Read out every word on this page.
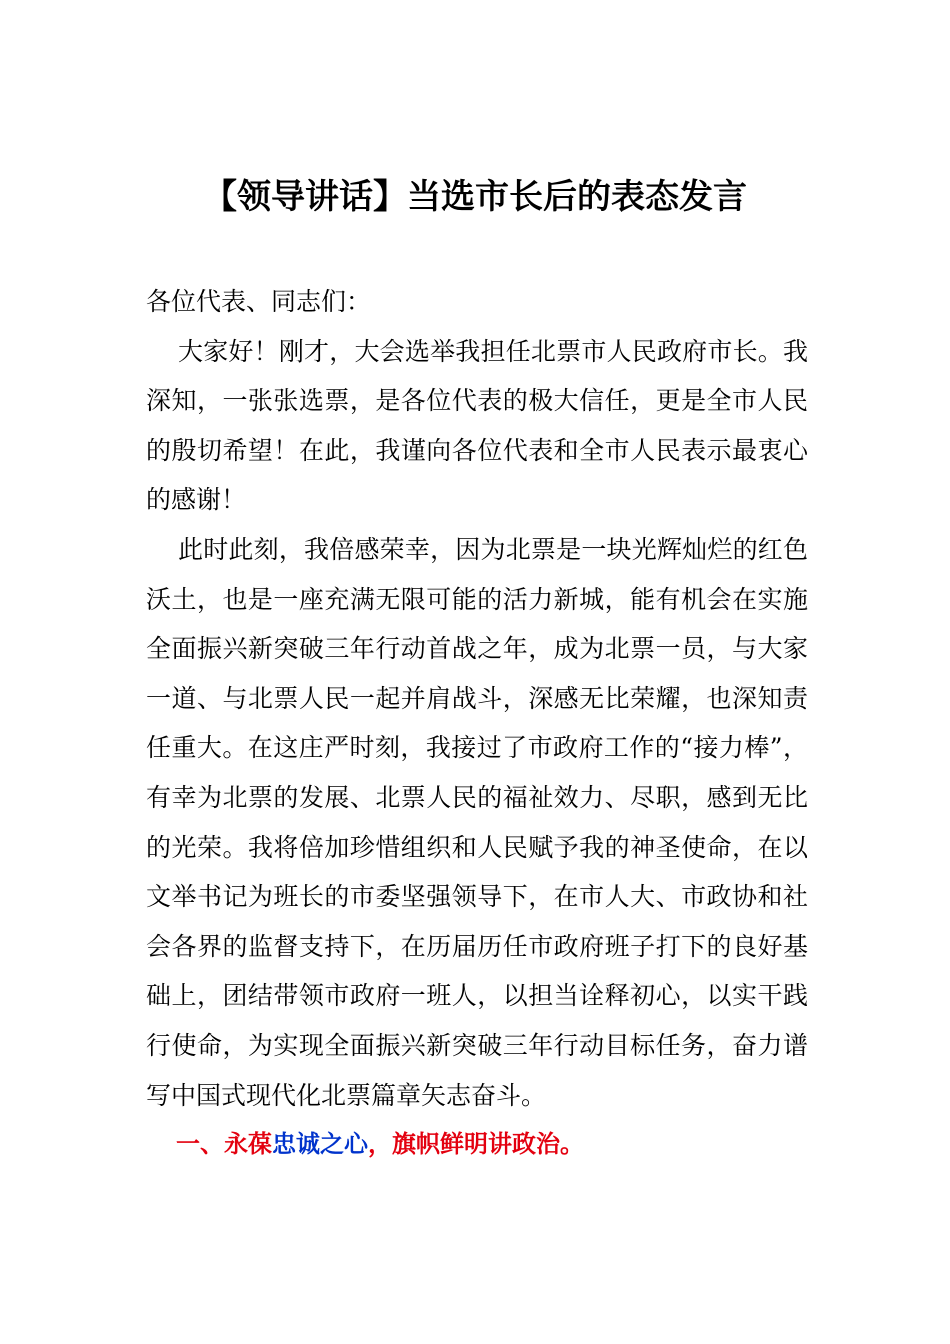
【领导讲话】当选市长后的表态发言

各位代表、同志们：

大家好！刚才，大会选举我担任北票市人民政府市长。我深知，一张张选票，是各位代表的极大信任，更是全市人民的殷切希望！在此，我谨向各位代表和全市人民表示最衷心的感谢！

此时此刻，我倍感荣幸，因为北票是一块光辉灿烂的红色沃土，也是一座充满无限可能的活力新城，能有机会在实施全面振兴新突破三年行动首战之年，成为北票一员，与大家一道、与北票人民一起并肩战斗，深感无比荣耀，也深知责任重大。在这庄严时刻，我接过了市政府工作的“接力棒”，有幸为北票的发展、北票人民的福祉效力、尽职，感到无比的光荣。我将倍加珍惜组织和人民赋予我的神圣使命，在以文举书记为班长的市委坚强领导下，在市人大、市政协和社会各界的监督支持下，在历届历任市政府班子打下的良好基础上，团结带领市政府一班人，以担当诠释初心，以实干践行使命，为实现全面振兴新突破三年行动目标任务，奋力谱写中国式现代化北票篇章矢志奋斗。

一、永葆忠诚之心，旗帜鲜明讲政治。
